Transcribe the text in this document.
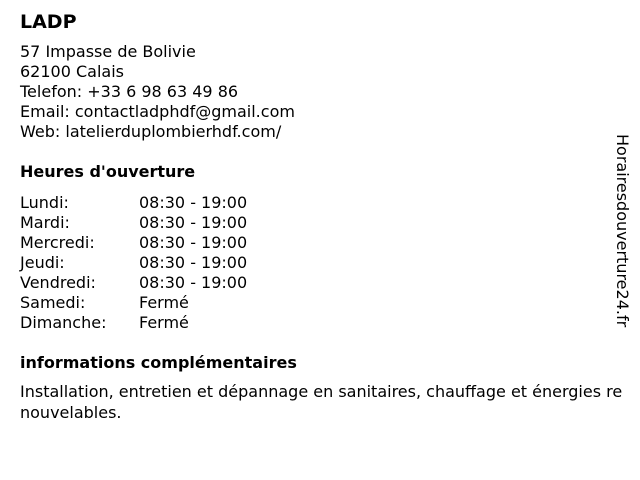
LADP
57 Impasse de Bolivie
62100 Calais
Telefon: +33 6 98 63 49 86
Email: contactladphdf@gmail.com
Web: latelierduplombierhdf.com/
Heures d'ouverture
Lundi:	08:30 - 19:00
Mardi:	08:30 - 19:00
Mercredi:	08:30 - 19:00
Jeudi:	08:30 - 19:00
Vendredi:	08:30 - 19:00
Samedi:	Fermé
Dimanche:	Fermé
informations complémentaires
Installation, entretien et dépannage en sanitaires, chauffage et énergies renouvelables.
Horairesdouverture24.fr
